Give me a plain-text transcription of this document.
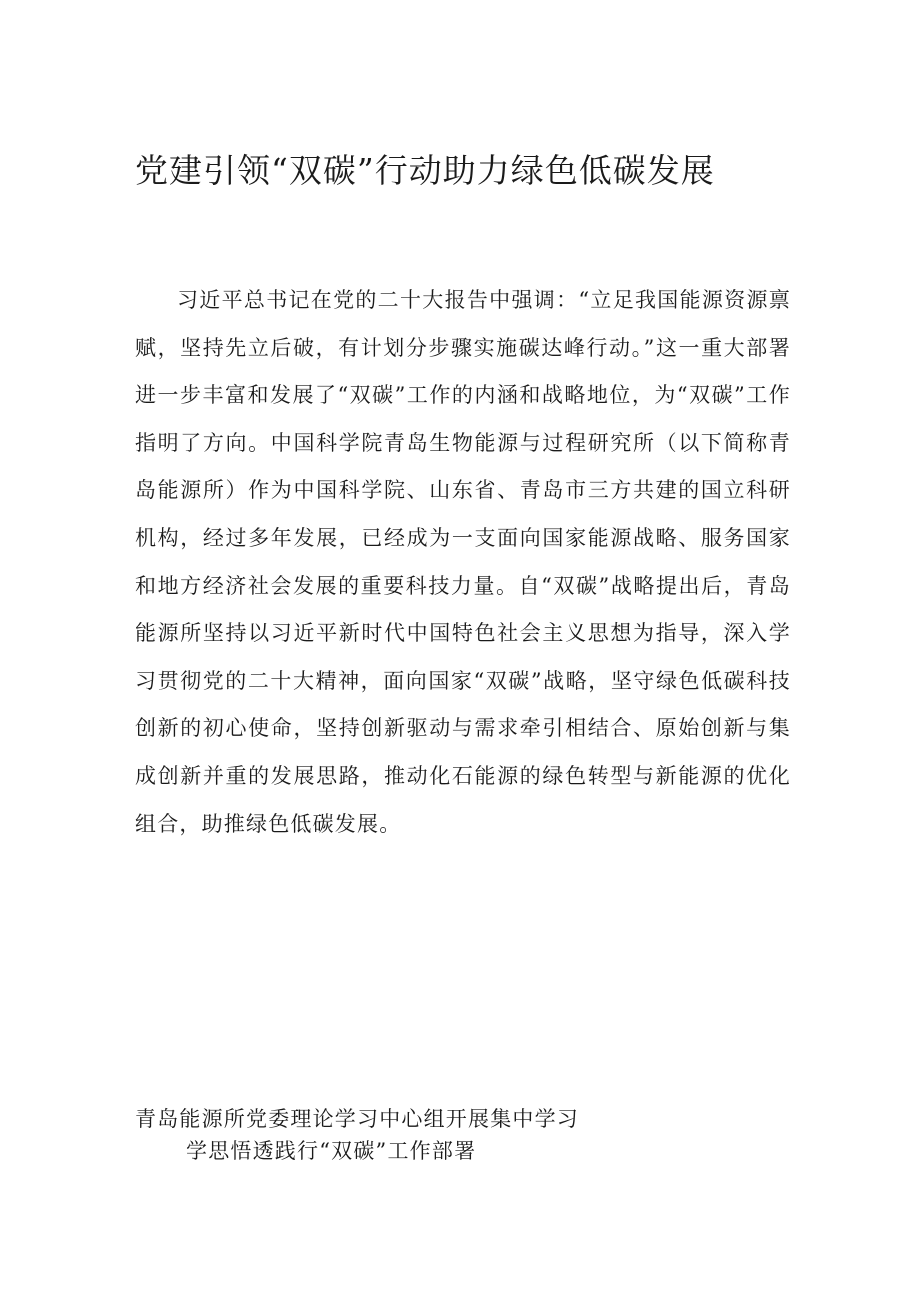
党建引领“双碳”行动助力绿色低碳发展

习近平总书记在党的二十大报告中强调：“立足我国能源资源禀赋，坚持先立后破，有计划分步骤实施碳达峰行动。”这一重大部署进一步丰富和发展了“双碳”工作的内涵和战略地位，为“双碳”工作指明了方向。中国科学院青岛生物能源与过程研究所（以下简称青岛能源所）作为中国科学院、山东省、青岛市三方共建的国立科研机构，经过多年发展，已经成为一支面向国家能源战略、服务国家和地方经济社会发展的重要科技力量。自“双碳”战略提出后，青岛能源所坚持以习近平新时代中国特色社会主义思想为指导，深入学习贯彻党的二十大精神，面向国家“双碳”战略，坚守绿色低碳科技创新的初心使命，坚持创新驱动与需求牵引相结合、原始创新与集成创新并重的发展思路，推动化石能源的绿色转型与新能源的优化组合，助推绿色低碳发展。

青岛能源所党委理论学习中心组开展集中学习
学思悟透践行“双碳”工作部署
